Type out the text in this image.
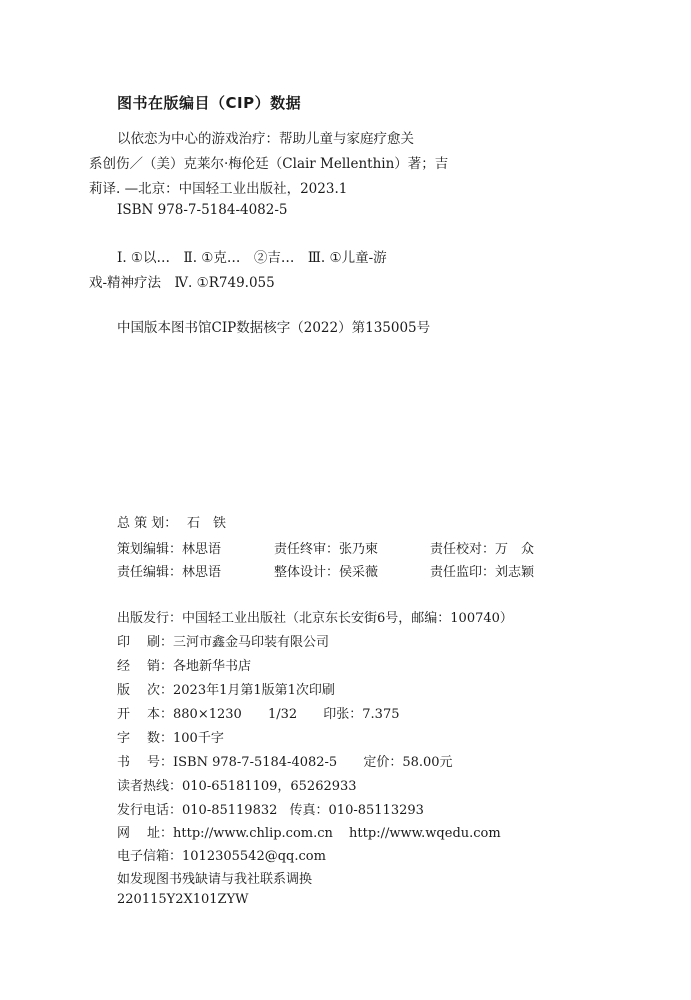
图书在版编目（CIP）数据
以依恋为中心的游戏治疗：帮助儿童与家庭疗愈关
系创伤／（美）克莱尔·梅伦廷（Clair Mellenthin）著；吉
莉译. —北京：中国轻工业出版社，2023.1
ISBN 978-7-5184-4082-5
Ⅰ. ①以…　Ⅱ. ①克…　②吉…　Ⅲ. ①儿童-游
戏-精神疗法　Ⅳ. ①R749.055
中国版本图书馆CIP数据核字（2022）第135005号
总 策 划： 石　铁
策划编辑：林思语	责任终审：张乃柬	责任校对：万　众
责任编辑：林思语	整体设计：侯采薇	责任监印：刘志颖
出版发行：中国轻工业出版社（北京东长安街6号，邮编：100740）
印 刷： 三河市鑫金马印装有限公司
经 销： 各地新华书店
版 次： 2023年1月第1版第1次印刷
开 本： 880×1230 1/32 印张：7.375
字 数： 100千字
书 号： ISBN 978-7-5184-4082-5 定价：58.00元
读者热线：010-65181109，65262933
发行电话：010-85119832 传真：010-85113293
网 址： http://www.chlip.com.cn http://www.wqedu.com
电子信箱：1012305542@qq.com
如发现图书残缺请与我社联系调换
220115Y2X101ZYW
